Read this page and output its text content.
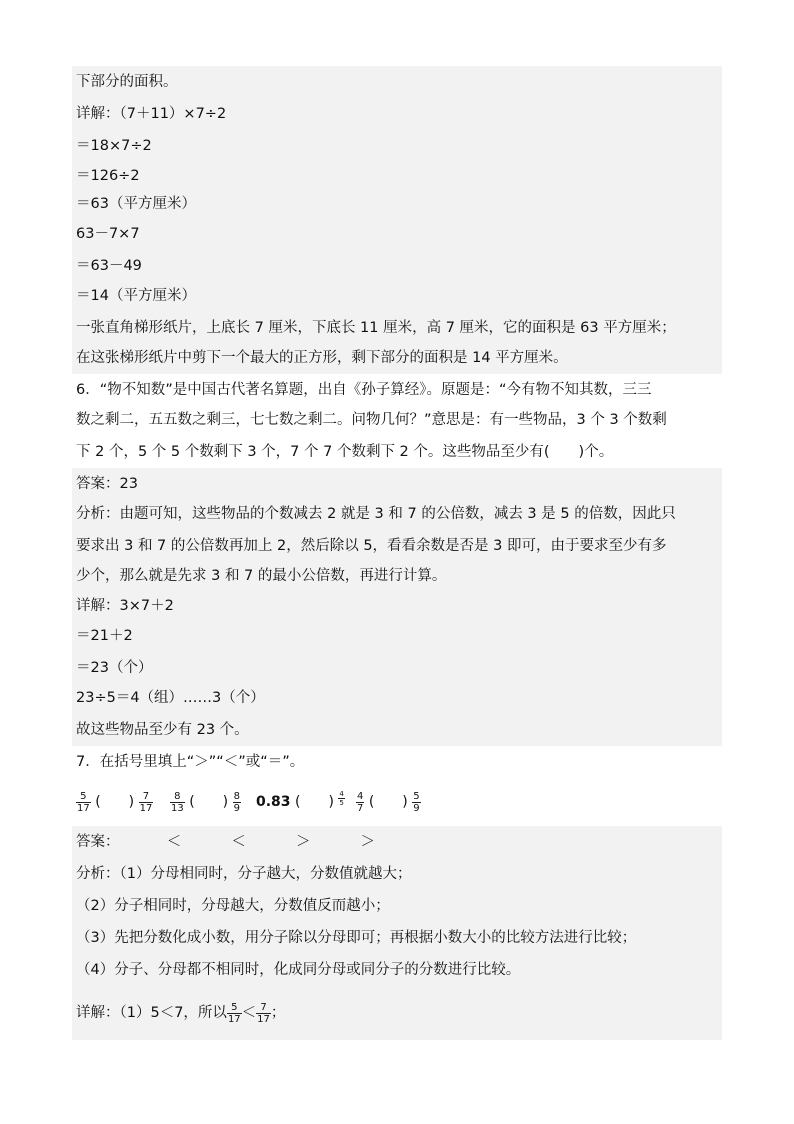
下部分的面积。
详解：（7＋11）×7÷2
＝18×7÷2
＝126÷2
＝63（平方厘米）
63－7×7
＝63－49
＝14（平方厘米）
一张直角梯形纸片，上底长 7 厘米，下底长 11 厘米，高 7 厘米，它的面积是 63 平方厘米；
在这张梯形纸片中剪下一个最大的正方形，剩下部分的面积是 14 平方厘米。
6．“物不知数”是中国古代著名算题，出自《孙子算经》。原题是：“今有物不知其数，三三
数之剩二，五五数之剩三，七七数之剩二。问物几何？”意思是：有一些物品，3 个 3 个数剩
下 2 个，5 个 5 个数剩下 3 个，7 个 7 个数剩下 2 个。这些物品至少有(　　)个。
答案：23
分析：由题可知，这些物品的个数减去 2 就是 3 和 7 的公倍数，减去 3 是 5 的倍数，因此只
要求出 3 和 7 的公倍数再加上 2，然后除以 5，看看余数是否是 3 即可，由于要求至少有多
少个，那么就是先求 3 和 7 的最小公倍数，再进行计算。
详解：3×7＋2
＝21＋2
＝23（个）
23÷5＝4（组）……3（个）
故这些物品至少有 23 个。
7．在括号里填上“＞”“＜”或“＝”。
$\frac{5}{17}$ (　　) $\frac{7}{17} \frac{8}{13}$ (　　) $\frac{8}{9} 0.83$ (　　) $\frac{4}{5} \frac{4}{7}$ (　　) $\frac{5}{9}$
答案：	＜	＜	＞	＞
分析：（1）分母相同时，分子越大，分数值就越大；
（2）分子相同时，分母越大，分数值反而越小；
（3）先把分数化成小数，用分子除以分母即可；再根据小数大小的比较方法进行比较；
（4）分子、分母都不相同时，化成同分母或同分子的分数进行比较。
详解：（1）5＜7，所以 $\frac{5}{17} < \frac{7}{17}$ ；
